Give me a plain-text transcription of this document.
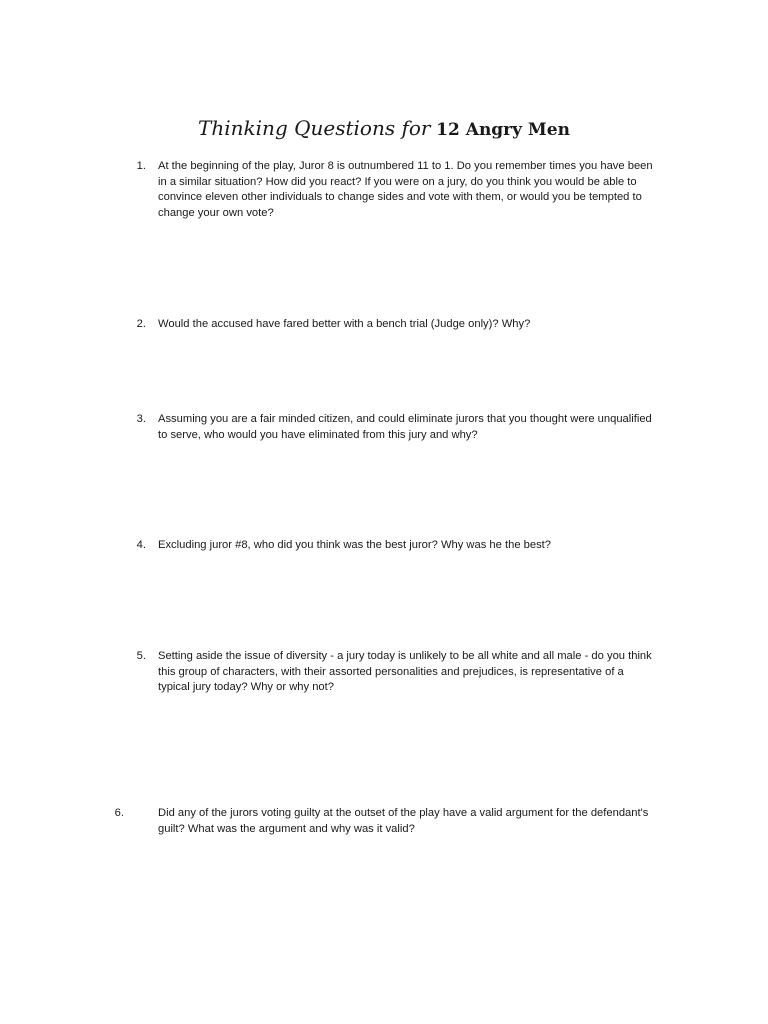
Thinking Questions for 12 Angry Men
1. At the beginning of the play, Juror 8 is outnumbered 11 to 1. Do you remember times you have been in a similar situation? How did you react? If you were on a jury, do you think you would be able to convince eleven other individuals to change sides and vote with them, or would you be tempted to change your own vote?
2. Would the accused have fared better with a bench trial (Judge only)? Why?
3. Assuming you are a fair minded citizen, and could eliminate jurors that you thought were unqualified to serve, who would you have eliminated from this jury and why?
4. Excluding juror #8, who did you think was the best juror? Why was he the best?
5. Setting aside the issue of diversity - a jury today is unlikely to be all white and all male - do you think this group of characters, with their assorted personalities and prejudices, is representative of a typical jury today? Why or why not?
6.	Did any of the jurors voting guilty at the outset of the play have a valid argument for the defendant's guilt? What was the argument and why was it valid?
